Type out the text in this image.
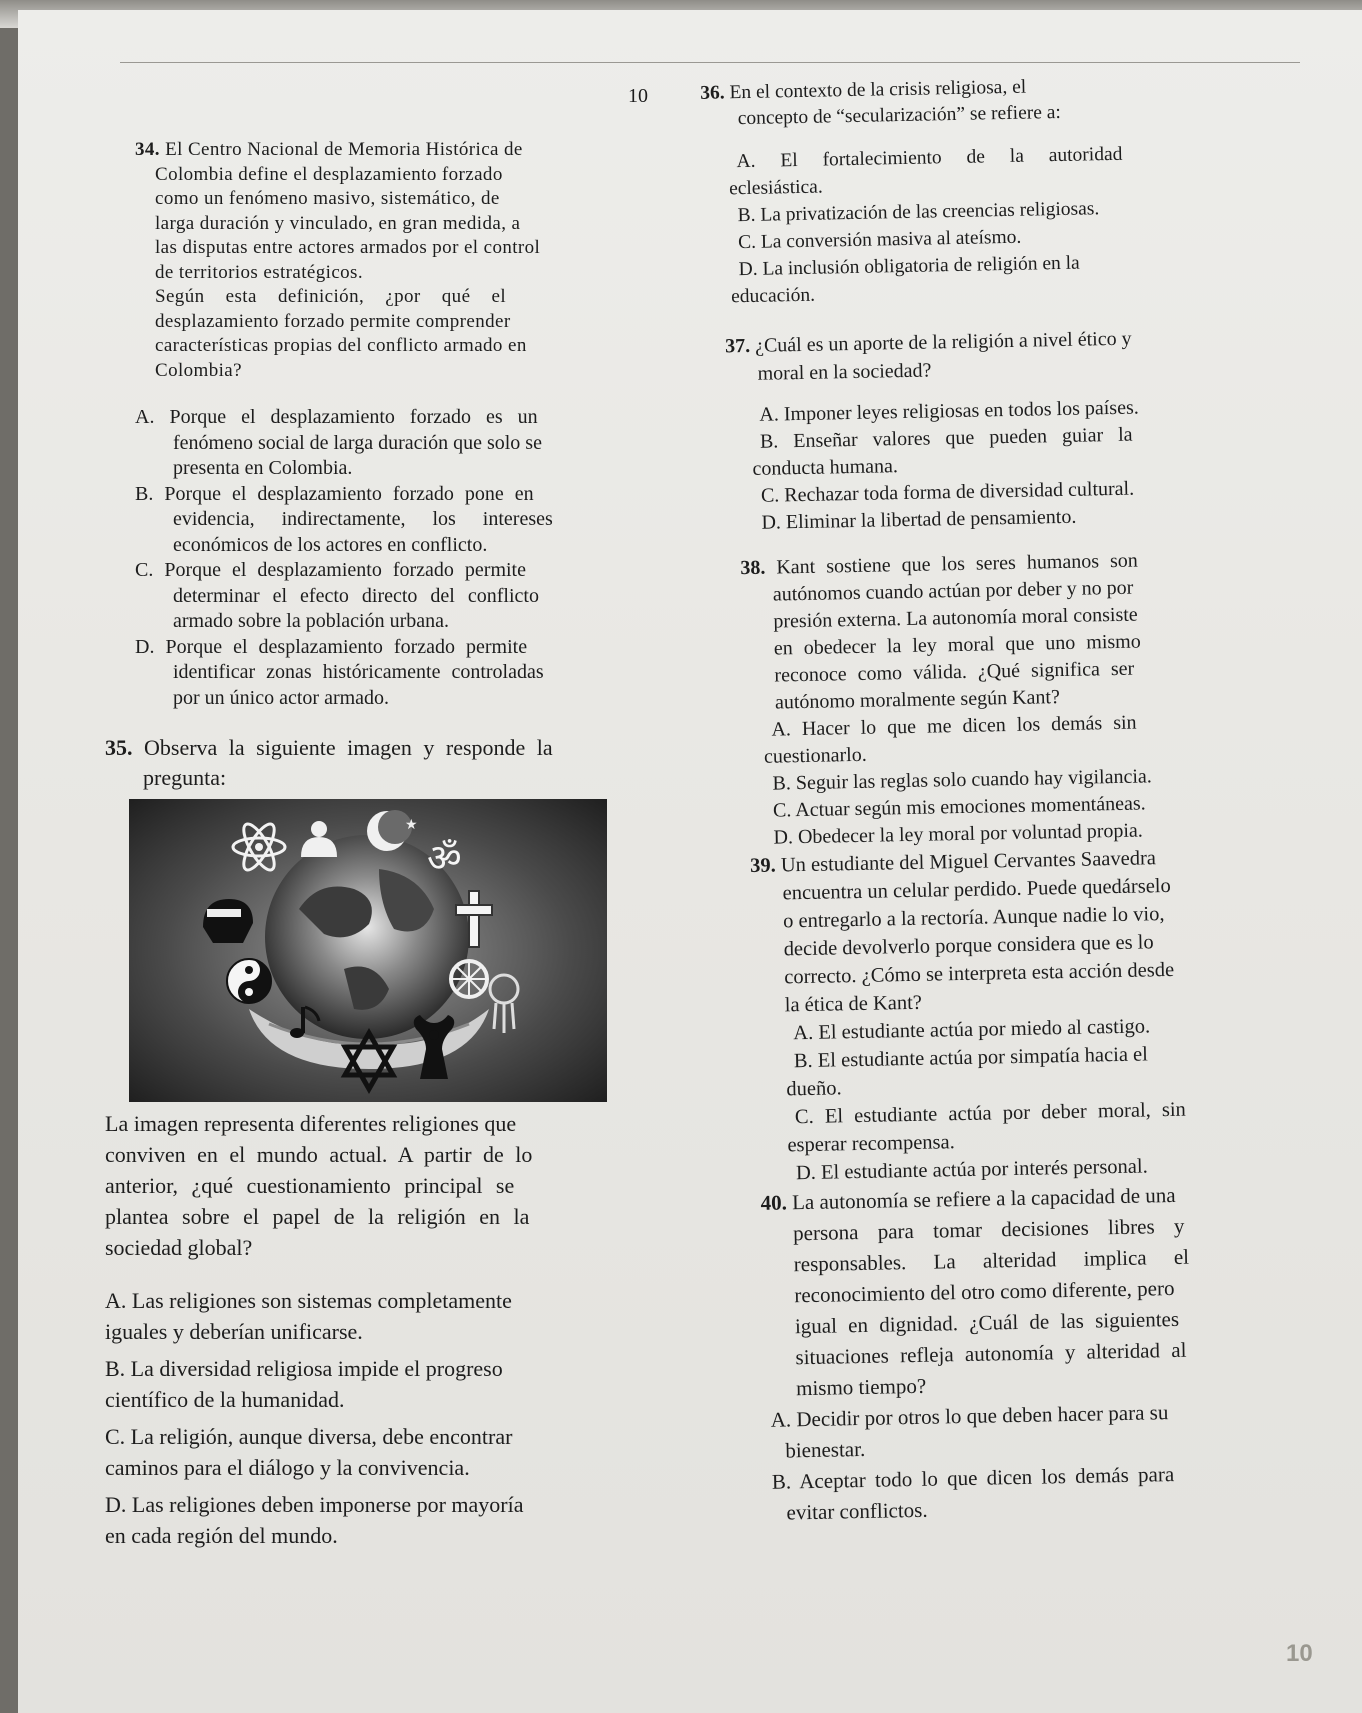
10
34. El Centro Nacional de Memoria Histórica de
Colombia define el desplazamiento forzado
como un fenómeno masivo, sistemático, de
larga duración y vinculado, en gran medida, a
las disputas entre actores armados por el control
de territorios estratégicos.
Según esta definición, ¿por qué el
desplazamiento forzado permite comprender
características propias del conflicto armado en
Colombia?
A. Porque el desplazamiento forzado es un
fenómeno social de larga duración que solo se
presenta en Colombia.
B. Porque el desplazamiento forzado pone en
evidencia, indirectamente, los intereses
económicos de los actores en conflicto.
C. Porque el desplazamiento forzado permite
determinar el efecto directo del conflicto
armado sobre la población urbana.
D. Porque el desplazamiento forzado permite
identificar zonas históricamente controladas
por un único actor armado.
35. Observa la siguiente imagen y responde la
pregunta:
★
ॐ
La imagen representa diferentes religiones que
conviven en el mundo actual. A partir de lo
anterior, ¿qué cuestionamiento principal se
plantea sobre el papel de la religión en la
sociedad global?
A. Las religiones son sistemas completamente
iguales y deberían unificarse.
B. La diversidad religiosa impide el progreso
científico de la humanidad.
C. La religión, aunque diversa, debe encontrar
caminos para el diálogo y la convivencia.
D. Las religiones deben imponerse por mayoría
en cada región del mundo.
36. En el contexto de la crisis religiosa, el
concepto de “secularización” se refiere a:
A. El fortalecimiento de la autoridad
eclesiástica.
B. La privatización de las creencias religiosas.
C. La conversión masiva al ateísmo.
D. La inclusión obligatoria de religión en la
educación.
37. ¿Cuál es un aporte de la religión a nivel ético y
moral en la sociedad?
A. Imponer leyes religiosas en todos los países.
B. Enseñar valores que pueden guiar la
conducta humana.
C. Rechazar toda forma de diversidad cultural.
D. Eliminar la libertad de pensamiento.
38. Kant sostiene que los seres humanos son
autónomos cuando actúan por deber y no por
presión externa. La autonomía moral consiste
en obedecer la ley moral que uno mismo
reconoce como válida. ¿Qué significa ser
autónomo moralmente según Kant?
A. Hacer lo que me dicen los demás sin
cuestionarlo.
B. Seguir las reglas solo cuando hay vigilancia.
C. Actuar según mis emociones momentáneas.
D. Obedecer la ley moral por voluntad propia.
39. Un estudiante del Miguel Cervantes Saavedra
encuentra un celular perdido. Puede quedárselo
o entregarlo a la rectoría. Aunque nadie lo vio,
decide devolverlo porque considera que es lo
correcto. ¿Cómo se interpreta esta acción desde
la ética de Kant?
A. El estudiante actúa por miedo al castigo.
B. El estudiante actúa por simpatía hacia el
dueño.
C. El estudiante actúa por deber moral, sin
esperar recompensa.
D. El estudiante actúa por interés personal.
40. La autonomía se refiere a la capacidad de una
persona para tomar decisiones libres y
responsables. La alteridad implica el
reconocimiento del otro como diferente, pero
igual en dignidad. ¿Cuál de las siguientes
situaciones refleja autonomía y alteridad al
mismo tiempo?
A. Decidir por otros lo que deben hacer para su
bienestar.
B. Aceptar todo lo que dicen los demás para
evitar conflictos.
10
